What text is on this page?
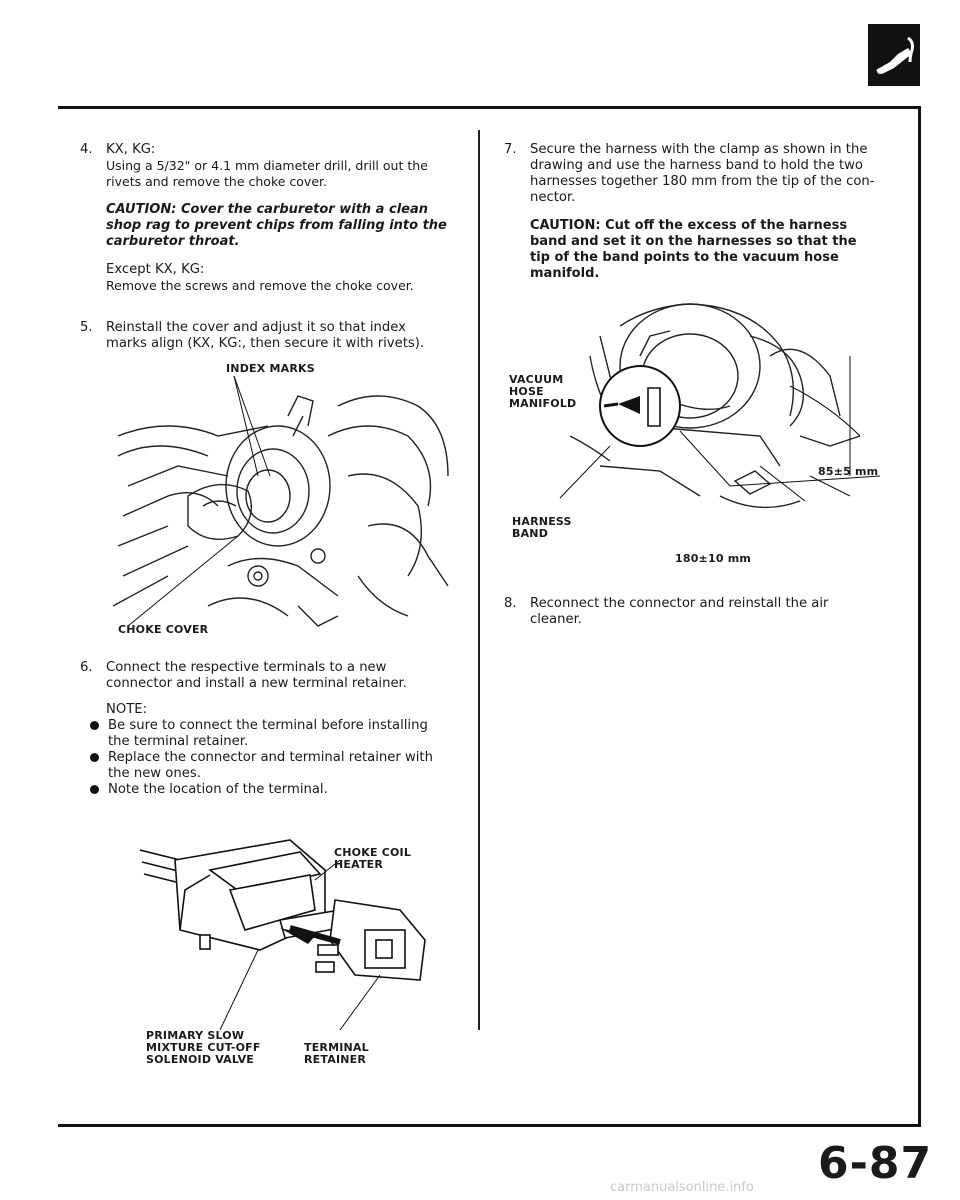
4. KX, KG:

Using a 5/32" or 4.1 mm diameter drill, drill out the rivets and remove the choke cover.

CAUTION: Cover the carburetor with a clean shop rag to prevent chips from falling into the carburetor throat.

Except KX, KG:

Remove the screws and remove the choke cover.

5. Reinstall the cover and adjust it so that index marks align (KX, KG:, then secure it with rivets).

INDEX MARKS
CHOKE COVER
6. Connect the respective terminals to a new connector and install a new terminal retainer.

NOTE:

Be sure to connect the terminal before installing the terminal retainer.
Replace the connector and terminal retainer with the new ones.
Note the location of the terminal.
CHOKE COIL HEATER
PRIMARY SLOW MIXTURE CUT-OFF SOLENOID VALVE
TERMINAL RETAINER
7. Secure the harness with the clamp as shown in the drawing and use the harness band to hold the two harnesses together 180 mm from the tip of the con-nector.

CAUTION: Cut off the excess of the harness band and set it on the harnesses so that the tip of the band points to the vacuum hose manifold.

VACUUM HOSE MANIFOLD
HARNESS BAND
85±5 mm
180±10 mm
8. Reconnect the connector and reinstall the air cleaner.

6-87
carmanualsonline.info
